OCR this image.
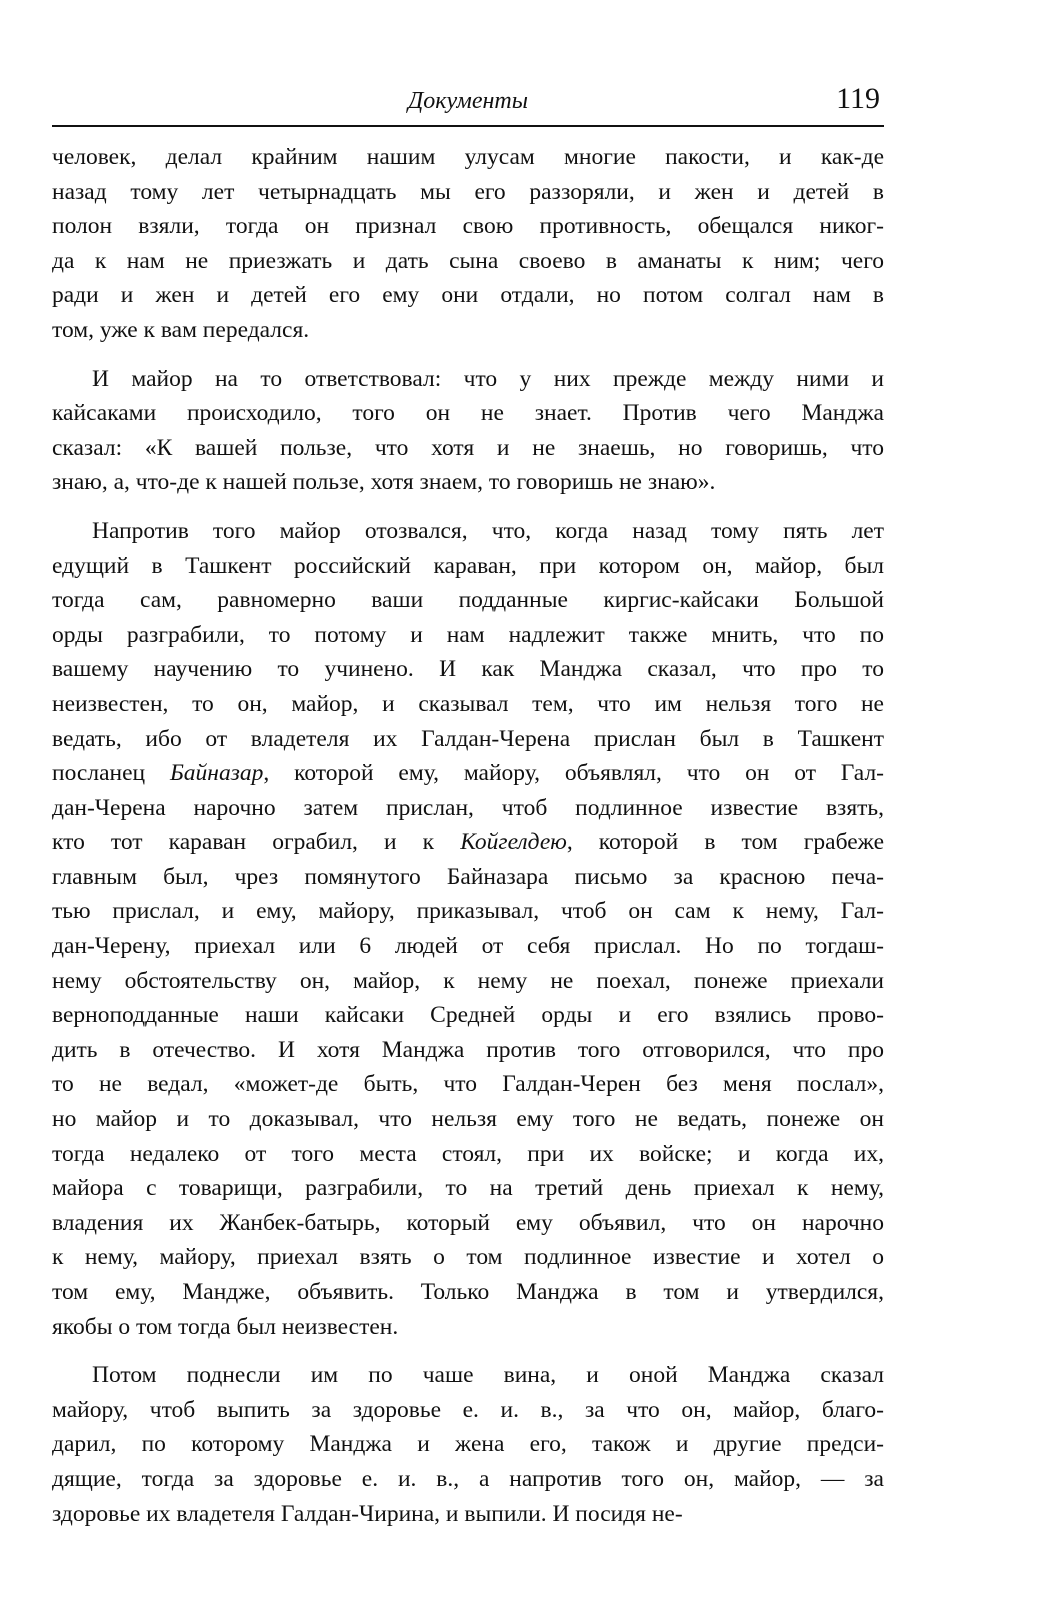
Документы	119
человек, делал крайним нашим улусам многие пакости, и как-де
назад тому лет четырнадцать мы его раззоряли, и жен и детей в
полон взяли, тогда он признал свою противность, обещался никог-
да к нам не приезжать и дать сына своево в аманаты к ним; чего
ради и жен и детей его ему они отдали, но потом солгал нам в
том, уже к вам передался.
И майор на то ответствовал: что у них прежде между ними и
кайсаками происходило, того он не знает. Против чего Манджа
сказал: «К вашей пользе, что хотя и не знаешь, но говоришь, что
знаю, а, что-де к нашей пользе, хотя знаем, то говоришь не знаю».
Напротив того майор отозвался, что, когда назад тому пять лет
едущий в Ташкент российский караван, при котором он, майор, был
тогда сам, равномерно ваши подданные киргис-кайсаки Большой
орды разграбили, то потому и нам надлежит также мнить, что по
вашему научению то учинено. И как Манджа сказал, что про то
неизвестен, то он, майор, и сказывал тем, что им нельзя того не
ведать, ибо от владетеля их Галдан-Черена прислан был в Ташкент
посланец Байназар, которой ему, майору, объявлял, что он от Гал-
дан-Черена нарочно затем прислан, чтоб подлинное известие взять,
кто тот караван ограбил, и к Койгелдею, которой в том грабеже
главным был, чрез помянутого Байназара письмо за красною печа-
тью прислал, и ему, майору, приказывал, чтоб он сам к нему, Гал-
дан-Черену, приехал или 6 людей от себя прислал. Но по тогдаш-
нему обстоятельству он, майор, к нему не поехал, понеже приехали
верноподданные наши кайсаки Средней орды и его взялись прово-
дить в отечество. И хотя Манджа против того отговорился, что про
то не ведал, «может-де быть, что Галдан-Черен без меня послал»,
но майор и то доказывал, что нельзя ему того не ведать, понеже он
тогда недалеко от того места стоял, при их войске; и когда их,
майора с товарищи, разграбили, то на третий день приехал к нему,
владения их Жанбек-батырь, который ему объявил, что он нарочно
к нему, майору, приехал взять о том подлинное известие и хотел о
том ему, Мандже, объявить. Только Манджа в том и утвердился,
якобы о том тогда был неизвестен.
Потом поднесли им по чаше вина, и оной Манджа сказал
майору, чтоб выпить за здоровье е. и. в., за что он, майор, благо-
дарил, по которому Манджа и жена его, також и другие предси-
дящие, тогда за здоровье е. и. в., а напротив того он, майор, — за
здоровье их владетеля Галдан-Чирина, и выпили. И посидя не-
